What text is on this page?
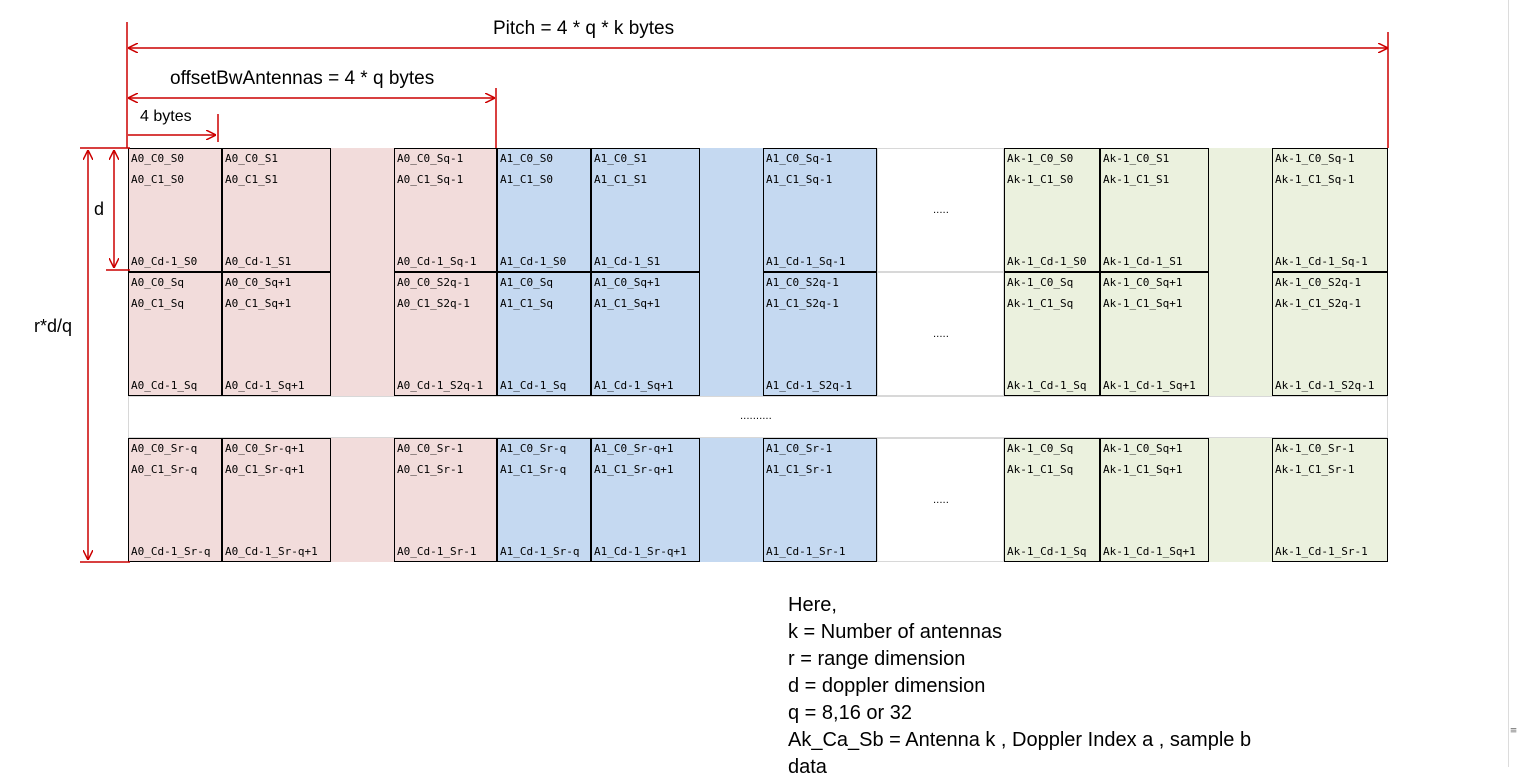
.....
A0_C0_S0
A0_C1_S0
A0_Cd-1_S0
A0_C0_S1
A0_C1_S1
A0_Cd-1_S1
A0_C0_Sq-1
A0_C1_Sq-1
A0_Cd-1_Sq-1
A1_C0_S0
A1_C1_S0
A1_Cd-1_S0
A1_C0_S1
A1_C1_S1
A1_Cd-1_S1
A1_C0_Sq-1
A1_C1_Sq-1
A1_Cd-1_Sq-1
Ak-1_C0_S0
Ak-1_C1_S0
Ak-1_Cd-1_S0
Ak-1_C0_S1
Ak-1_C1_S1
Ak-1_Cd-1_S1
Ak-1_C0_Sq-1
Ak-1_C1_Sq-1
Ak-1_Cd-1_Sq-1
.....
A0_C0_Sq
A0_C1_Sq
A0_Cd-1_Sq
A0_C0_Sq+1
A0_C1_Sq+1
A0_Cd-1_Sq+1
A0_C0_S2q-1
A0_C1_S2q-1
A0_Cd-1_S2q-1
A1_C0_Sq
A1_C1_Sq
A1_Cd-1_Sq
A1_C0_Sq+1
A1_C1_Sq+1
A1_Cd-1_Sq+1
A1_C0_S2q-1
A1_C1_S2q-1
A1_Cd-1_S2q-1
Ak-1_C0_Sq
Ak-1_C1_Sq
Ak-1_Cd-1_Sq
Ak-1_C0_Sq+1
Ak-1_C1_Sq+1
Ak-1_Cd-1_Sq+1
Ak-1_C0_S2q-1
Ak-1_C1_S2q-1
Ak-1_Cd-1_S2q-1
.....
A0_C0_Sr-q
A0_C1_Sr-q
A0_Cd-1_Sr-q
A0_C0_Sr-q+1
A0_C1_Sr-q+1
A0_Cd-1_Sr-q+1
A0_C0_Sr-1
A0_C1_Sr-1
A0_Cd-1_Sr-1
A1_C0_Sr-q
A1_C1_Sr-q
A1_Cd-1_Sr-q
A1_C0_Sr-q+1
A1_C1_Sr-q+1
A1_Cd-1_Sr-q+1
A1_C0_Sr-1
A1_C1_Sr-1
A1_Cd-1_Sr-1
Ak-1_C0_Sq
Ak-1_C1_Sq
Ak-1_Cd-1_Sq
Ak-1_C0_Sq+1
Ak-1_C1_Sq+1
Ak-1_Cd-1_Sq+1
Ak-1_C0_Sr-1
Ak-1_C1_Sr-1
Ak-1_Cd-1_Sr-1
Pitch = 4 * q * k bytes
offsetBwAntennas = 4 * q bytes
4 bytes
d
r*d/q
..........
Here,
k = Number of antennas
r = range dimension
d = doppler dimension
q = 8,16 or 32
Ak_Ca_Sb = Antenna k , Doppler Index a , sample b
data
≡
